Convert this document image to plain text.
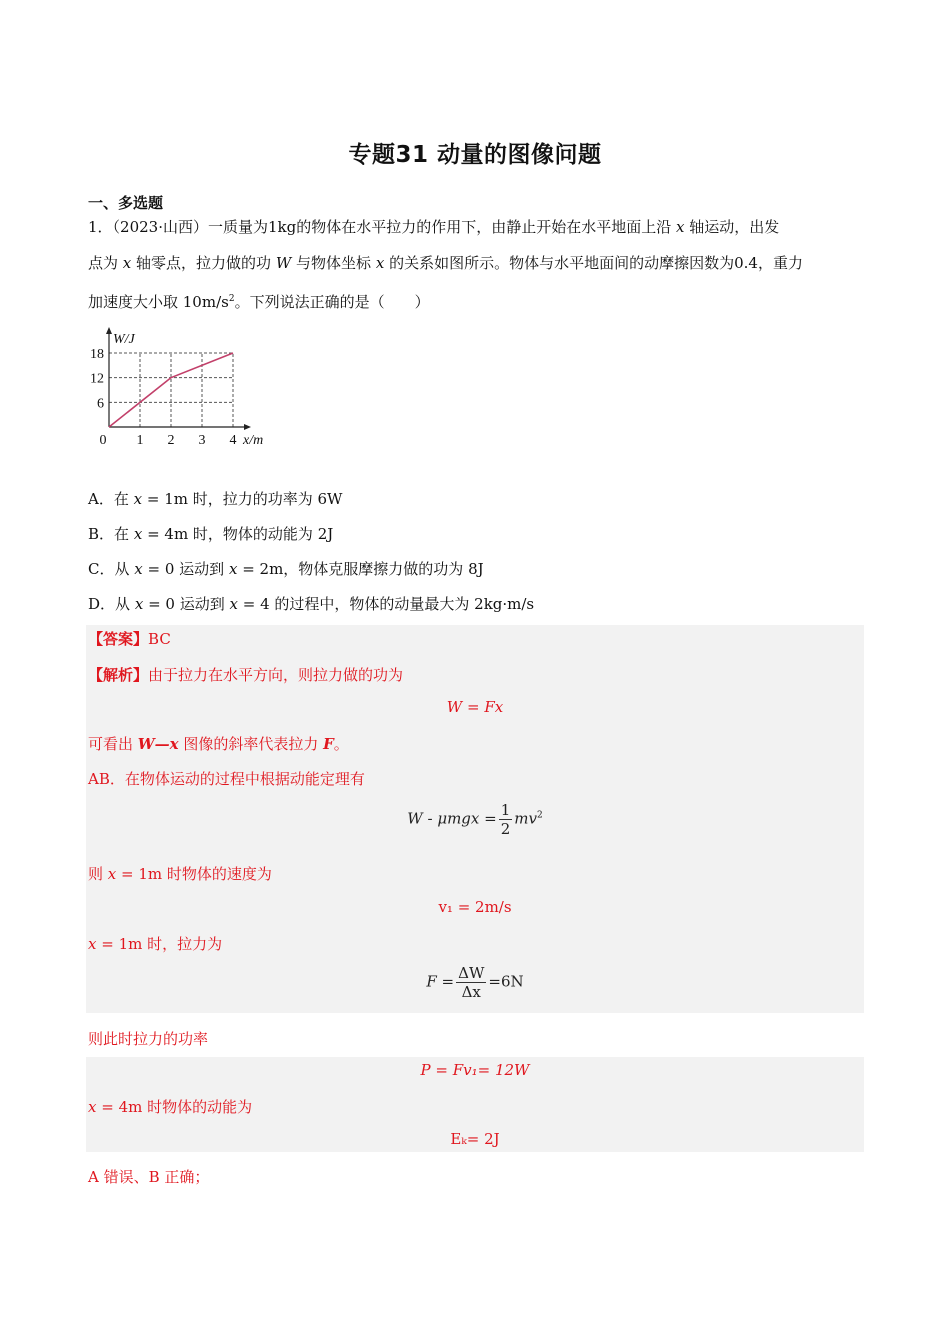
专题31 动量的图像问题
一、多选题
1．（2023·山西）一质量为1kg的物体在水平拉力的作用下，由静止开始在水平地面上沿 x 轴运动，出发
点为 x 轴零点，拉力做的功 W 与物体坐标 x 的关系如图所示。物体与水平地面间的动摩擦因数为0.4，重力
加速度大小取 $10m/s^2$。下列说法正确的是（　　）
6
12
18
1 2 3 4
0	x/m
W/J
A．在 x = 1m 时，拉力的功率为 6W
B．在 x = 4m 时，物体的动能为 2J
C．从 x = 0 运动到 x = 2m，物体克服摩擦力做的功为 8J
D．从 x = 0 运动到 x = 4 的过程中，物体的动量最大为 2kg·m/s
【答案】BC
【解析】由于拉力在水平方向，则拉力做的功为
W = Fx
可看出 W—x 图像的斜率代表拉力 F。
AB．在物体运动的过程中根据动能定理有
$W - \mu mgx = \frac{1}{2} mv^2$
则 x = 1m 时物体的速度为
v₁ = 2m/s
x = 1m 时，拉力为
$F = \frac{\Delta W}{\Delta x} =6N$
则此时拉力的功率
P = Fv₁= 12W
x = 4m 时物体的动能为
Eₖ= 2J
A 错误、B 正确；
